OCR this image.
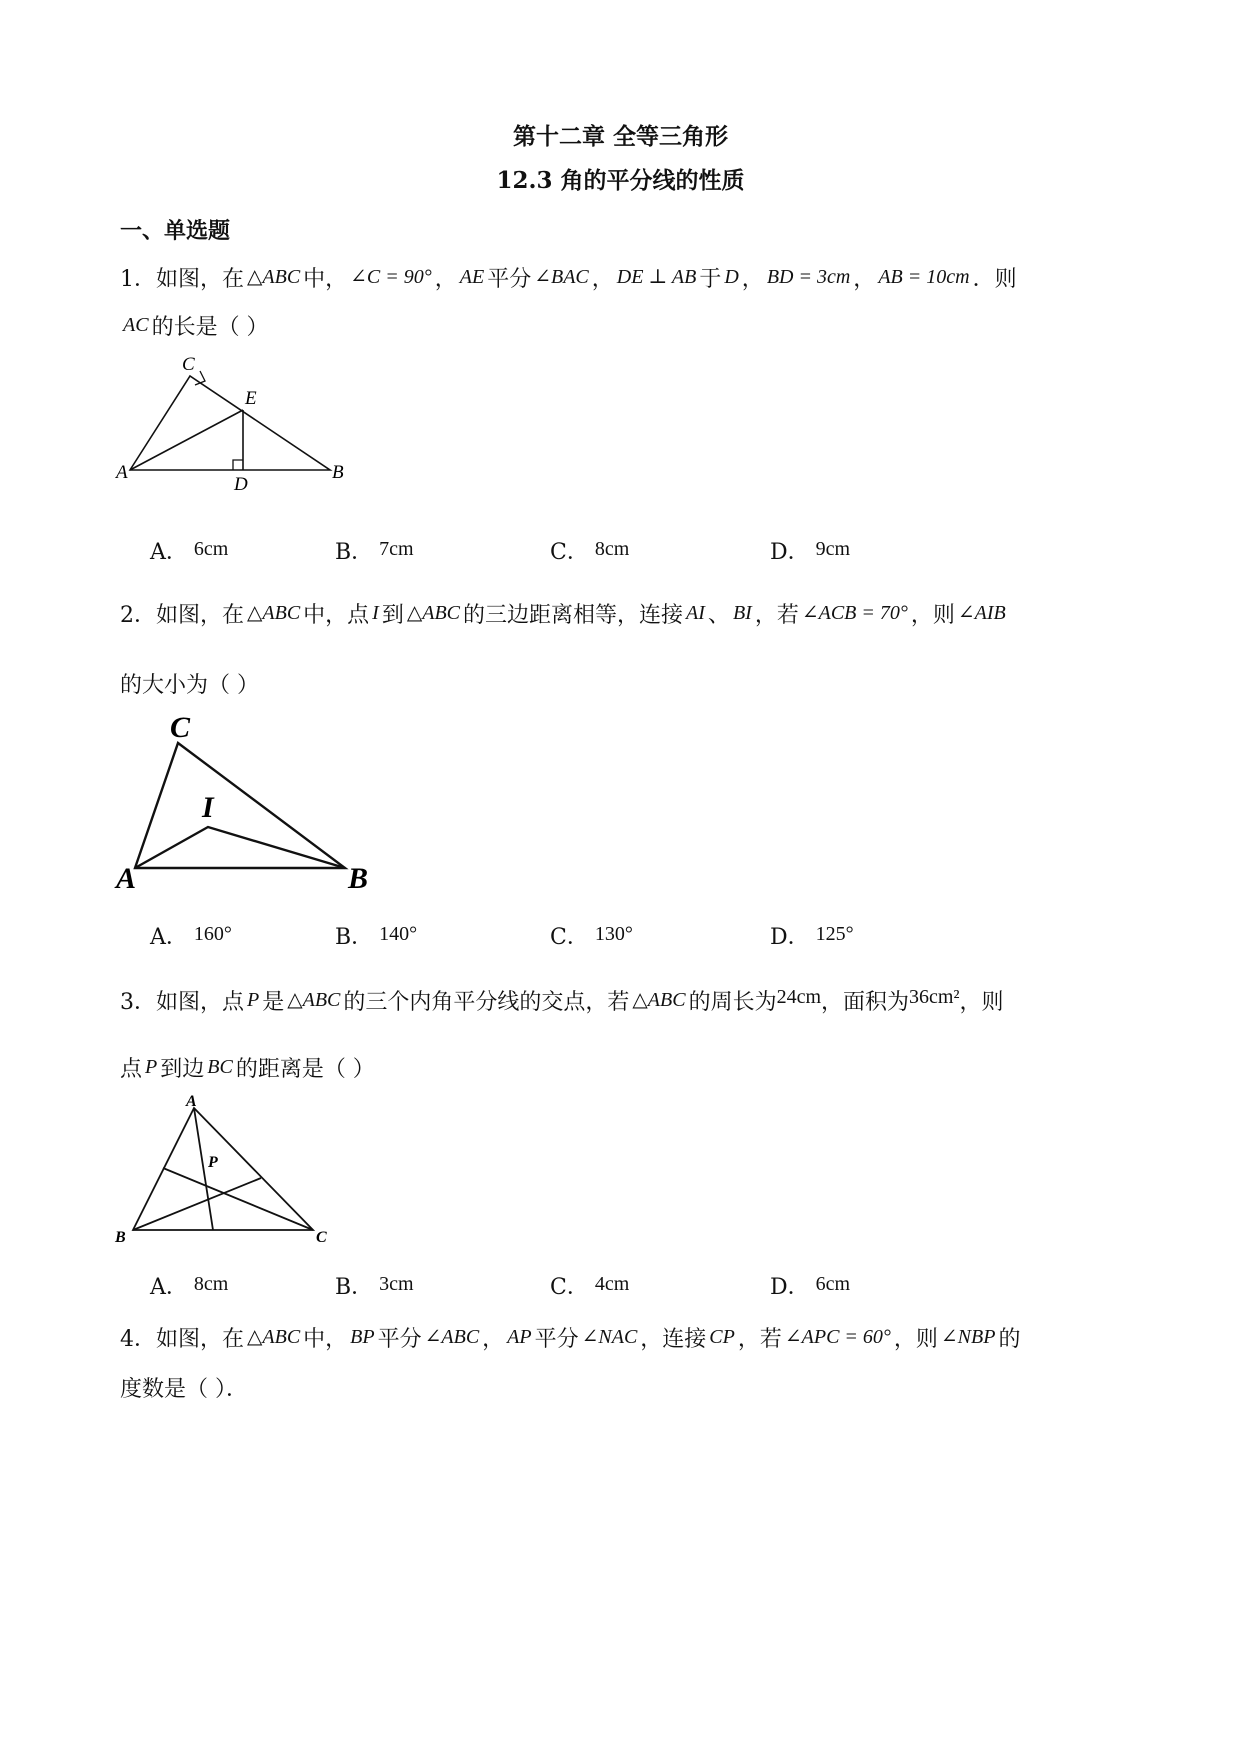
第十二章 全等三角形
12.3 角的平分线的性质
一、单选题
1．如图，在 △ABC 中， ∠C = 90° ， AE 平分 ∠BAC ， DE ⊥ AB 于 D ， BD = 3cm ， AB = 10cm ．则
AC 的长是（ ）
C
E
A	B
D
A． 6cm	B． 7cm	C． 8cm	D． 9cm
2．如图，在 △ABC 中，点 I 到 △ABC 的三边距离相等，连接 AI 、 BI ，若 ∠ACB = 70° ，则 ∠AIB
的大小为（ ）
C
I
A	B
A． 160°	B． 140°	C． 130°	D． 125°
3．如图，点 P 是 △ABC 的三个内角平分线的交点，若 △ABC 的周长为24cm，面积为36cm²，则
点 P 到边 BC 的距离是（ ）
A
P
B	C
A． 8cm	B． 3cm	C． 4cm	D． 6cm
4．如图，在 △ABC 中， BP 平分 ∠ABC ， AP 平分 ∠NAC ，连接 CP ，若 ∠APC = 60° ，则 ∠NBP 的
度数是（ ）．
